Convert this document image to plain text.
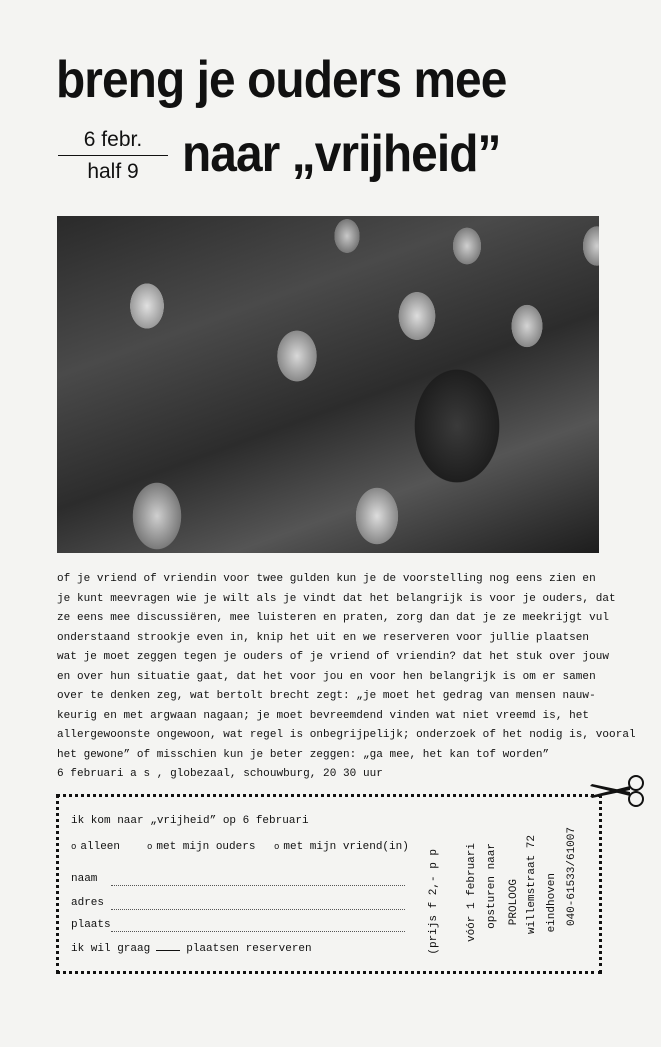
breng je ouders mee
6 febr.
half 9 naar „vrijheid”
of je vriend of vriendin voor twee gulden kun je de voorstelling nog eens zien en
je kunt meevragen wie je wilt als je vindt dat het belangrijk is voor je ouders, dat
ze eens mee discussiëren, mee luisteren en praten, zorg dan dat je ze meekrijgt vul
onderstaand strookje even in, knip het uit en we reserveren voor jullie plaatsen
wat je moet zeggen tegen je ouders of je vriend of vriendin? dat het stuk over jouw
en over hun situatie gaat, dat het voor jou en voor hen belangrijk is om er samen
over te denken zeg, wat bertolt brecht zegt: „je moet het gedrag van mensen nauw-
keurig en met argwaan nagaan; je moet bevreemdend vinden wat niet vreemd is, het
allergewoonste ongewoon, wat regel is onbegrijpelijk; onderzoek of het nodig is, vooral
het gewone” of misschien kun je beter zeggen: „ga mee, het kan tof worden”
6 februari a s , globezaal, schouwburg, 20 30 uur
ik kom naar „vrijheid” op 6 februari
o alleen	o met mijn ouders o met mijn vriend(in)
naam
adres
plaats
ik wil graag	plaatsen reserveren	(prijs f 2,- p p vóór 1 februari opsturen naar PROLOOG willemstraat 72 eindhoven 040-61533/61007
